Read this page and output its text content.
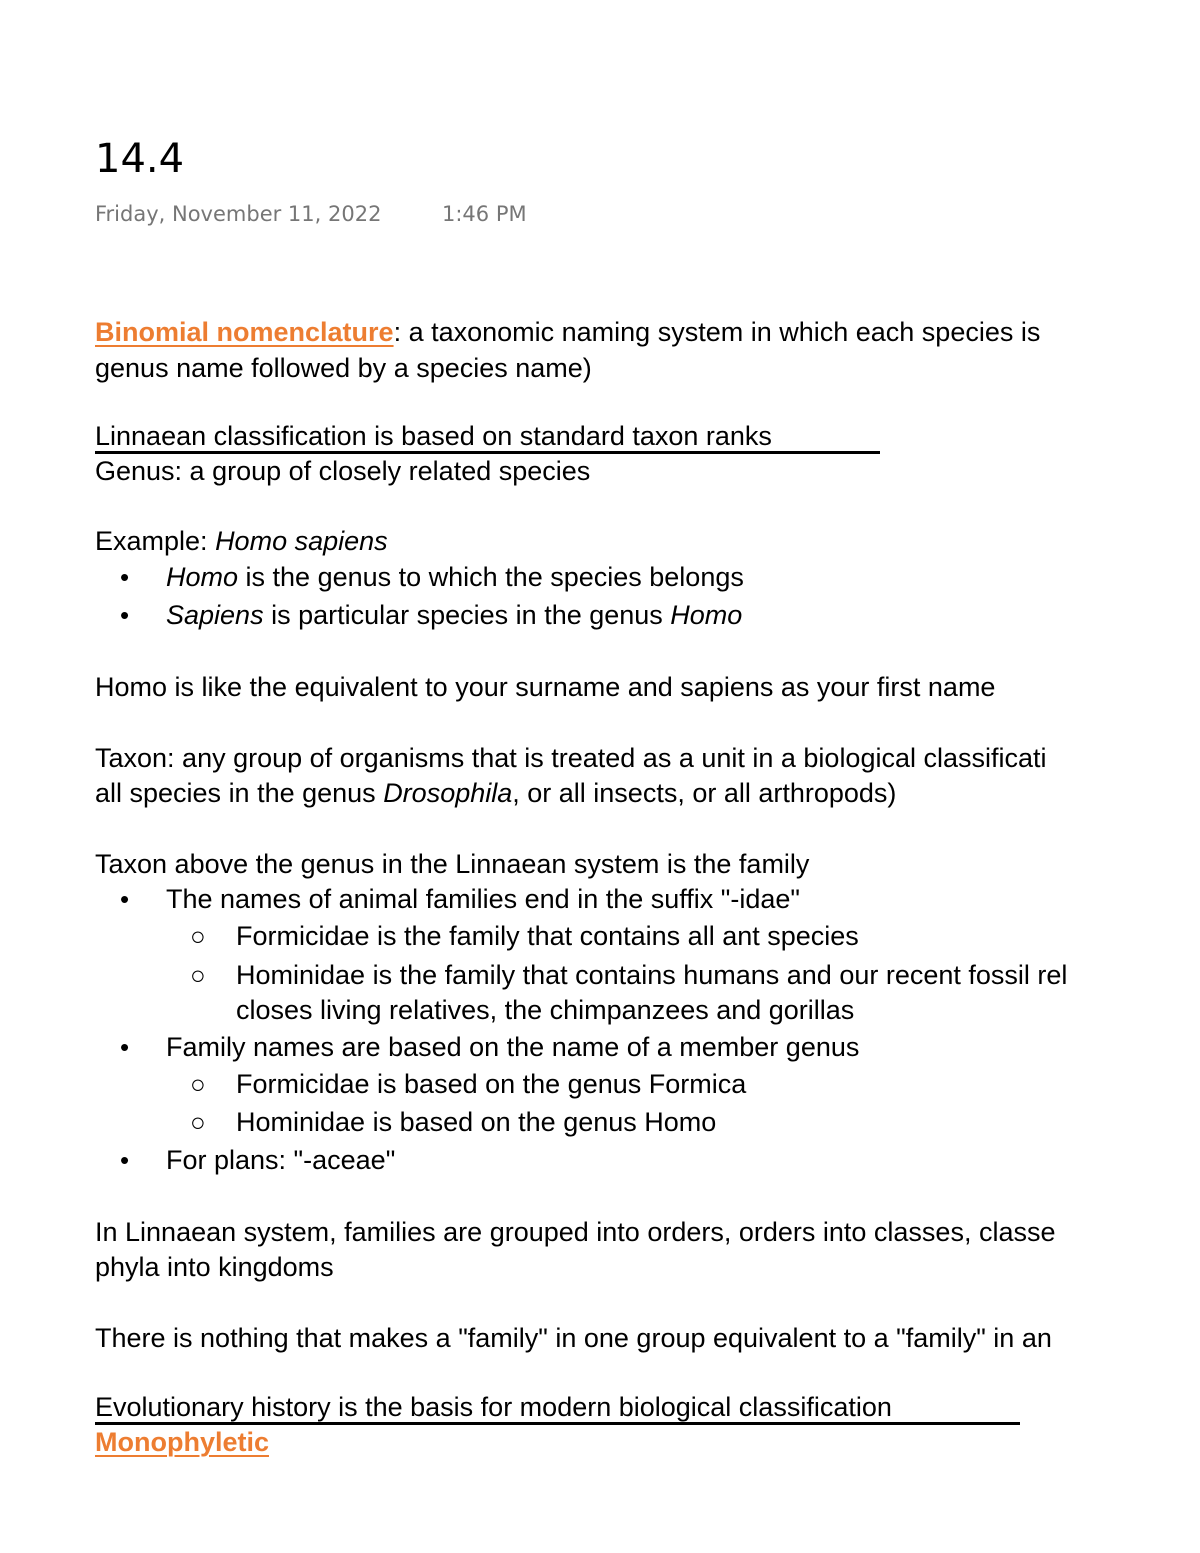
14.4
Friday, November 11, 2022	1:46 PM
Binomial nomenclature: a taxonomic naming system in which each species is
genus name followed by a species name)
Linnaean classification is based on standard taxon ranks
Genus: a group of closely related species
Example: Homo sapiens
• Homo is the genus to which the species belongs
• Sapiens is particular species in the genus Homo
Homo is like the equivalent to your surname and sapiens as your first name
Taxon: any group of organisms that is treated as a unit in a biological classificati
all species in the genus Drosophila, or all insects, or all arthropods)
Taxon above the genus in the Linnaean system is the family
• The names of animal families end in the suffix "-idae"
○ Formicidae is the family that contains all ant species
○ Hominidae is the family that contains humans and our recent fossil rel
closes living relatives, the chimpanzees and gorillas
• Family names are based on the name of a member genus
○ Formicidae is based on the genus Formica
○ Hominidae is based on the genus Homo
• For plans: "-aceae"
In Linnaean system, families are grouped into orders, orders into classes, classe
phyla into kingdoms
There is nothing that makes a "family" in one group equivalent to a "family" in an
Evolutionary history is the basis for modern biological classification
Monophyletic
